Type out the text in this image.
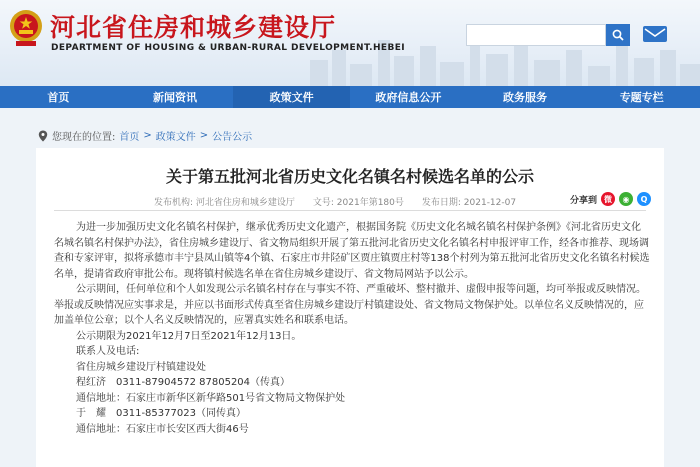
河北省住房和城乡建设厅
DEPARTMENT OF HOUSING & URBAN-RURAL DEVELOPMENT.HEBEI
首页	新闻资讯	政策文件	政府信息公开	政务服务	专题专栏
您现在的位置: 首页 > 政策文件 > 公告公示
关于第五批河北省历史文化名镇名村候选名单的公示
发布机构: 河北省住房和城乡建设厅 文号: 2021年第180号 发布日期: 2021-12-07	分享到 微	◉	Q

为进一步加强历史文化名镇名村保护，继承优秀历史文化遗产，根据国务院《历史文化名城名镇名村保护条例》《河北省历史文化名城名镇名村保护办法》，省住房城乡建设厅、省文物局组织开展了第五批河北省历史文化名镇名村申报评审工作，经各市推荐、现场调查和专家评审，拟将承德市丰宁县凤山镇等4个镇、石家庄市井陉矿区贾庄镇贾庄村等138个村列为第五批河北省历史文化名镇名村候选名单，提请省政府审批公布。现将镇村候选名单在省住房城乡建设厅、省文物局网站予以公示。

公示期间，任何单位和个人如发现公示名镇名村存在与事实不符、严重破坏、整村撤并、虚假申报等问题，均可举报或反映情况。举报或反映情况应实事求是，并应以书面形式传真至省住房城乡建设厅村镇建设处、省文物局文物保护处。以单位名义反映情况的，应加盖单位公章；以个人名义反映情况的，应署真实姓名和联系电话。

公示期限为2021年12月7日至2021年12月13日。

联系人及电话:

省住房城乡建设厅村镇建设处

程红济　0311-87904572 87805204（传真）

通信地址：石家庄市新华区新华路501号省文物局文物保护处

于　耀　0311-85377023（同传真）

通信地址：石家庄市长安区西大街46号
